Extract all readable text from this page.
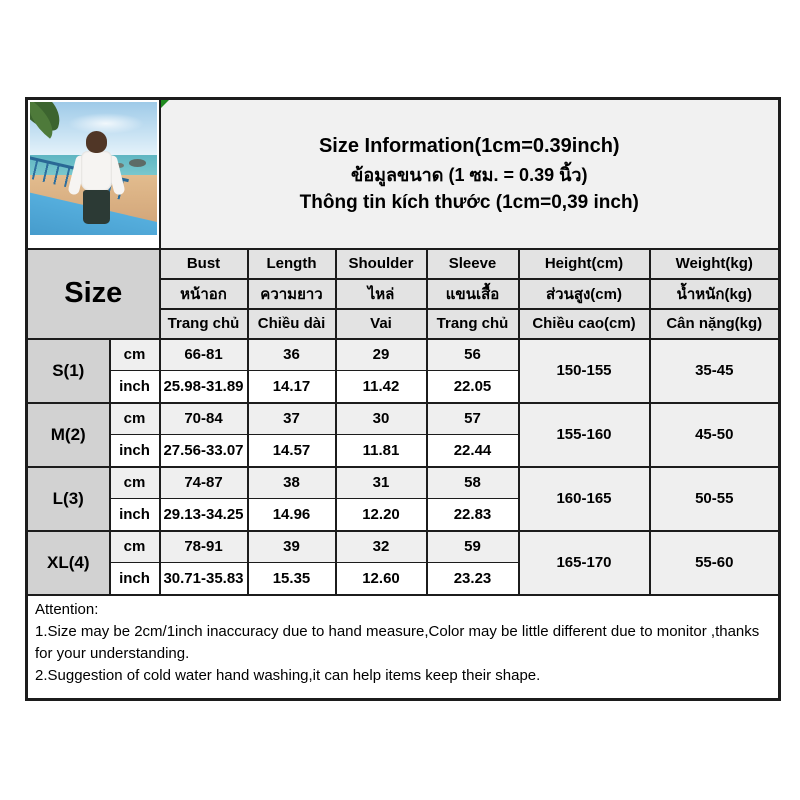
		Size Information(1cm=0.39inch)
ข้อมูลขนาด (1 ซม. = 0.39 นิ้ว)
Thông tin kích thước (1cm=0,39 inch)					

Size		Bust	Length	Shoulder	Sleeve	Height(cm)	Weight(kg)
		หน้าอก	ความยาว	ไหล่	แขนเสื้อ	ส่วนสูง(cm)	น้ำหนัก(kg)
		Trang chủ	Chiều dài	Vai	Trang chủ	Chiều cao(cm)	Cân nặng(kg)
S(1)	cm	66-81	36	29	56	150-155	35-45
	inch	25.98-31.89	14.17	11.42	22.05		
M(2)	cm	70-84	37	30	57	155-160	45-50
	inch	27.56-33.07	14.57	11.81	22.44		
L(3)	cm	74-87	38	31	58	160-165	50-55
	inch	29.13-34.25	14.96	12.20	22.83		
XL(4)	cm	78-91	39	32	59	165-170	55-60
	inch	30.71-35.83	15.35	12.60	23.23		

Attention:
1.Size may be 2cm/1inch inaccuracy due to hand measure,Color may be little different due to monitor ,thanks for your understanding.
2.Suggestion of cold water hand washing,it can help items keep their shape.							
